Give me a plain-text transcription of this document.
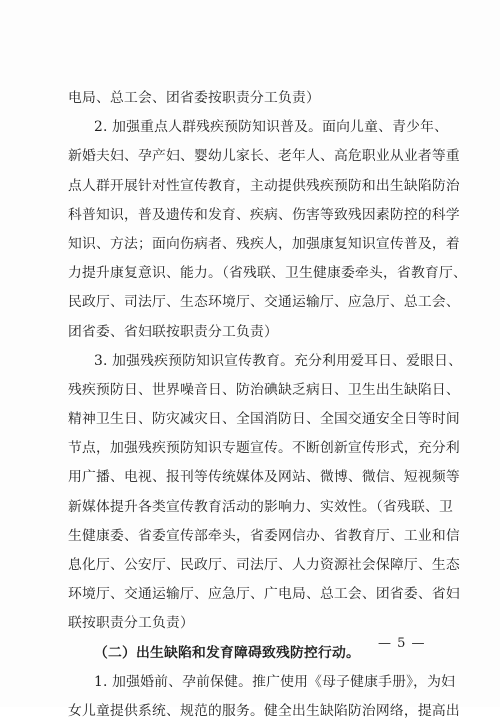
电局、总工会、团省委按职责分工负责）
2. 加强重点人群残疾预防知识普及。面向儿童、青少年、
新婚夫妇、孕产妇、婴幼儿家长、老年人、高危职业从业者等重
点人群开展针对性宣传教育，主动提供残疾预防和出生缺陷防治
科普知识，普及遗传和发育、疾病、伤害等致残因素防控的科学
知识、方法；面向伤病者、残疾人，加强康复知识宣传普及，着
力提升康复意识、能力。（省残联、卫生健康委牵头，省教育厅、
民政厅、司法厅、生态环境厅、交通运输厅、应急厅、总工会、
团省委、省妇联按职责分工负责）
3. 加强残疾预防知识宣传教育。充分利用爱耳日、爱眼日、
残疾预防日、世界噪音日、防治碘缺乏病日、卫生出生缺陷日、
精神卫生日、防灾减灾日、全国消防日、全国交通安全日等时间
节点，加强残疾预防知识专题宣传。不断创新宣传形式，充分利
用广播、电视、报刊等传统媒体及网站、微博、微信、短视频等
新媒体提升各类宣传教育活动的影响力、实效性。（省残联、卫
生健康委、省委宣传部牵头，省委网信办、省教育厅、工业和信
息化厅、公安厅、民政厅、司法厅、人力资源社会保障厅、生态
环境厅、交通运输厅、应急厅、广电局、总工会、团省委、省妇
联按职责分工负责）
（二）出生缺陷和发育障碍致残防控行动。
1. 加强婚前、孕前保健。推广使用《母子健康手册》，为妇
女儿童提供系统、规范的服务。健全出生缺陷防治网络，提高出
— 5 —
